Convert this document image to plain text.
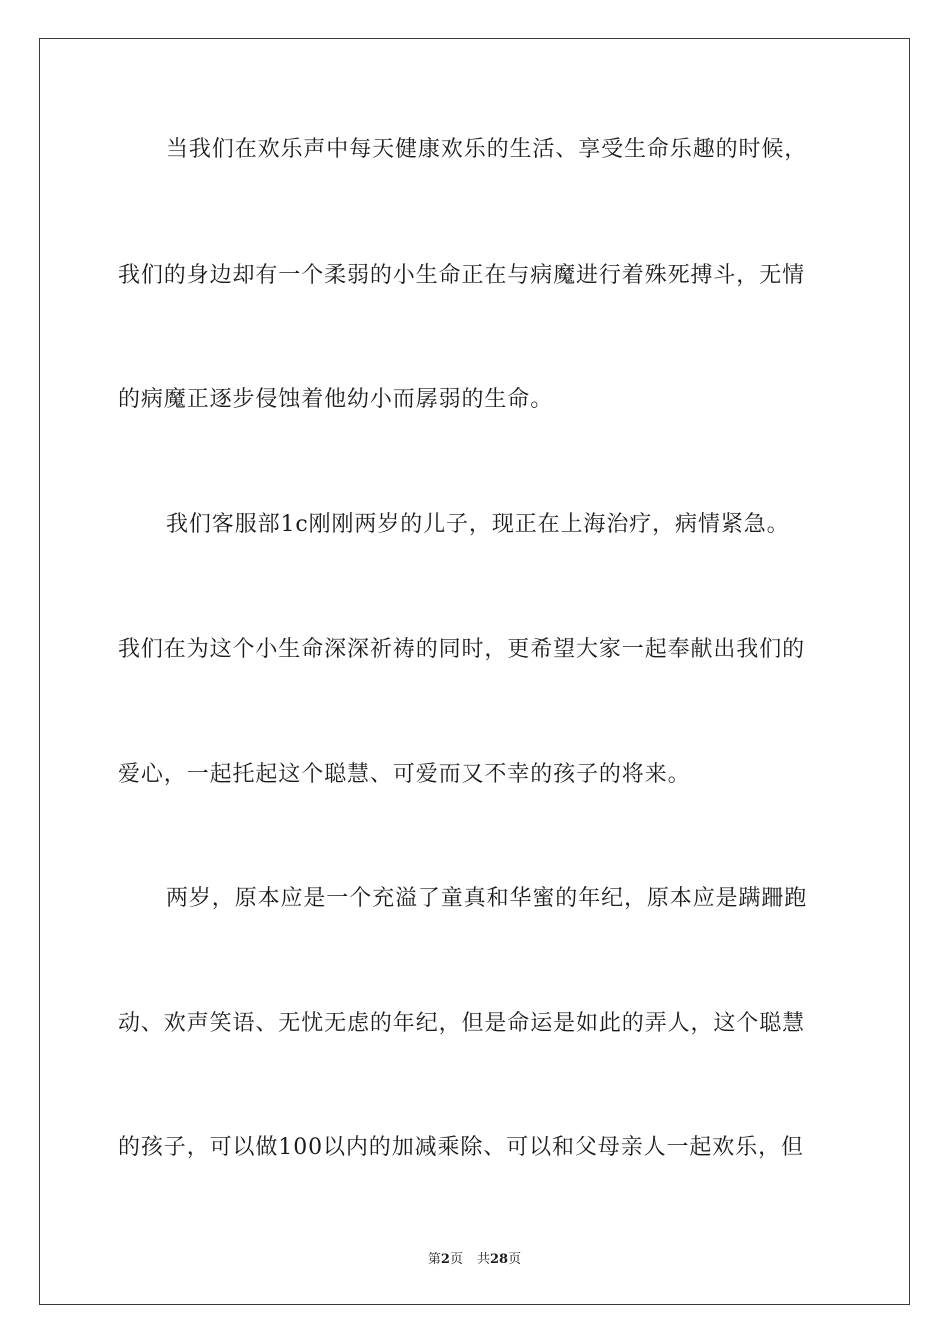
当我们在欢乐声中每天健康欢乐的生活、享受生命乐趣的时候，

我们的身边却有一个柔弱的小生命正在与病魔进行着殊死搏斗，无情

的病魔正逐步侵蚀着他幼小而孱弱的生命。

我们客服部1c刚刚两岁的儿子，现正在上海治疗，病情紧急。

我们在为这个小生命深深祈祷的同时，更希望大家一起奉献出我们的

爱心，一起托起这个聪慧、可爱而又不幸的孩子的将来。

两岁，原本应是一个充溢了童真和华蜜的年纪，原本应是蹒跚跑

动、欢声笑语、无忧无虑的年纪，但是命运是如此的弄人，这个聪慧

的孩子，可以做100以内的加减乘除、可以和父母亲人一起欢乐，但

第2页 共28页
